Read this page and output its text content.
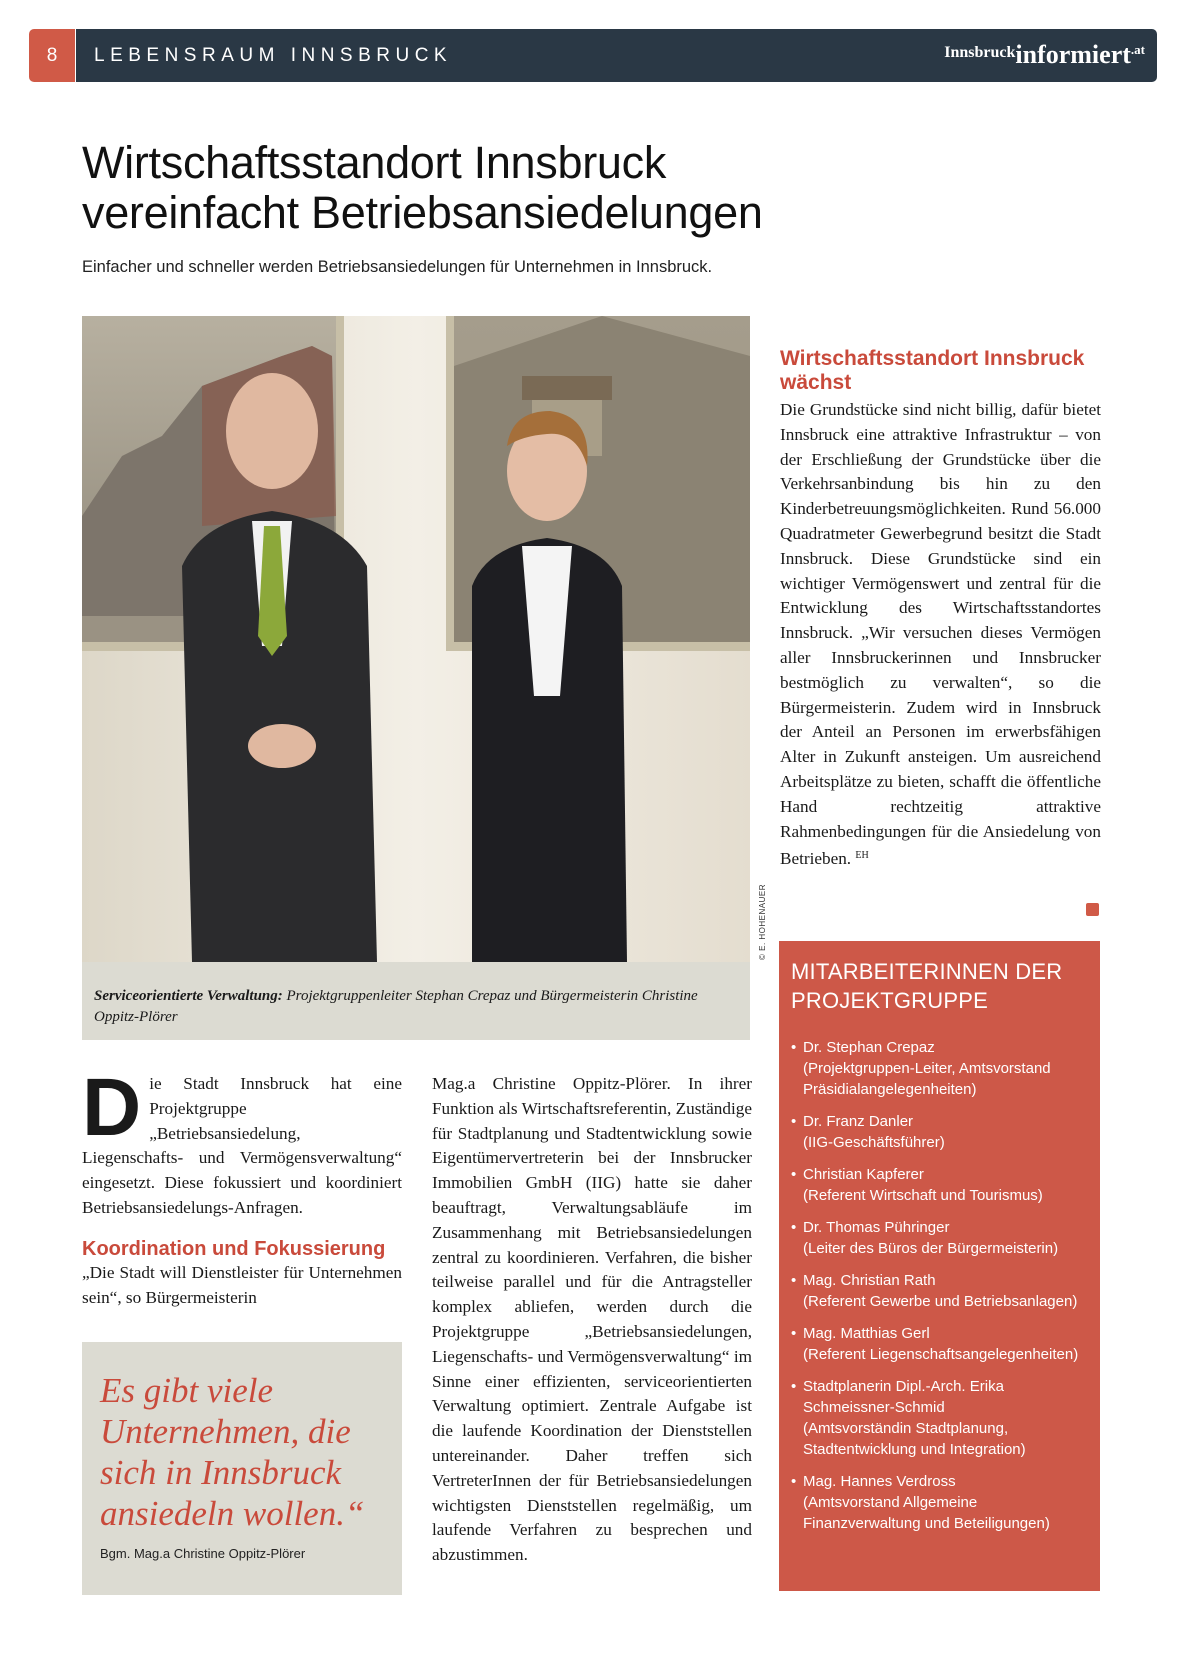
8	LEBENSRAUM INNSBRUCK	Innsbruckinformiert$^{.at}$
Wirtschaftsstandort Innsbruck
vereinfacht Betriebsansiedelungen
Einfacher und schneller werden Betriebsansiedelungen für Unternehmen in Innsbruck.
© E. HOHENAUER
Serviceorientierte Verwaltung: Projektgruppenleiter Stephan Crepaz und Bürgermeisterin Christine Oppitz-Plörer

Die Stadt Innsbruck hat eine Projektgruppe „Betriebsansiedelung, Liegenschafts- und Vermögensverwaltung“ eingesetzt. Diese fokussiert und koordiniert Betriebsansiedelungs-Anfragen.

Koordination und Fokussierung

„Die Stadt will Dienstleister für Unternehmen sein“, so Bürgermeisterin

Es gibt viele Unternehmen, die sich in Innsbruck ansiedeln wollen.“
Bgm. Mag.a Christine Oppitz-Plörer

Mag.a Christine Oppitz-Plörer. In ihrer Funktion als Wirtschaftsreferentin, Zuständige für Stadtplanung und Stadtentwicklung sowie Eigentümervertreterin bei der Innsbrucker Immobilien GmbH (IIG) hatte sie daher beauftragt, Verwaltungsabläufe im Zusammenhang mit Betriebsansiedelungen zentral zu koordinieren. Verfahren, die bisher teilweise parallel und für die Antragsteller komplex abliefen, werden durch die Projektgruppe „Betriebsansiedelungen, Liegenschafts- und Vermögensverwaltung“ im Sinne einer effizienten, serviceorientierten Verwaltung optimiert. Zentrale Aufgabe ist die laufende Koordination der Dienststellen untereinander. Daher treffen sich VertreterInnen der für Betriebsansiedelungen wichtigsten Dienststellen regelmäßig, um laufende Verfahren zu besprechen und abzustimmen.

Wirtschaftsstandort Innsbruck wächst
Die Grundstücke sind nicht billig, dafür bietet Innsbruck eine attraktive Infrastruktur – von der Erschließung der Grundstücke über die Verkehrsanbindung bis hin zu den Kinderbetreuungsmöglichkeiten. Rund 56.000 Quadratmeter Gewerbegrund besitzt die Stadt Innsbruck. Diese Grundstücke sind ein wichtiger Vermögenswert und zentral für die Entwicklung des Wirtschaftsstandortes Innsbruck. „Wir versuchen dieses Vermögen aller Innsbruckerinnen und Innsbrucker bestmöglich zu verwalten“, so die Bürgermeisterin. Zudem wird in Innsbruck der Anteil an Personen im erwerbsfähigen Alter in Zukunft ansteigen. Um ausreichend Arbeitsplätze zu bieten, schafft die öffentliche Hand rechtzeitig attraktive Rahmenbedingungen für die Ansiedelung von Betrieben. $^{EH}$
MITARBEITERINNEN DER PROJEKTGRUPPE
• Dr. Stephan Crepaz
(Projektgruppen-Leiter, Amtsvorstand Präsidialangelegenheiten)
• Dr. Franz Danler
(IIG-Geschäftsführer)
• Christian Kapferer
(Referent Wirtschaft und Tourismus)
• Dr. Thomas Pühringer
(Leiter des Büros der Bürgermeisterin)
• Mag. Christian Rath
(Referent Gewerbe und Betriebsanlagen)
• Mag. Matthias Gerl
(Referent Liegenschaftsangelegenheiten)
• Stadtplanerin Dipl.-Arch. Erika Schmeissner-Schmid
(Amtsvorständin Stadtplanung, Stadtentwicklung und Integration)
• Mag. Hannes Verdross
(Amtsvorstand Allgemeine Finanzverwaltung und Beteiligungen)
